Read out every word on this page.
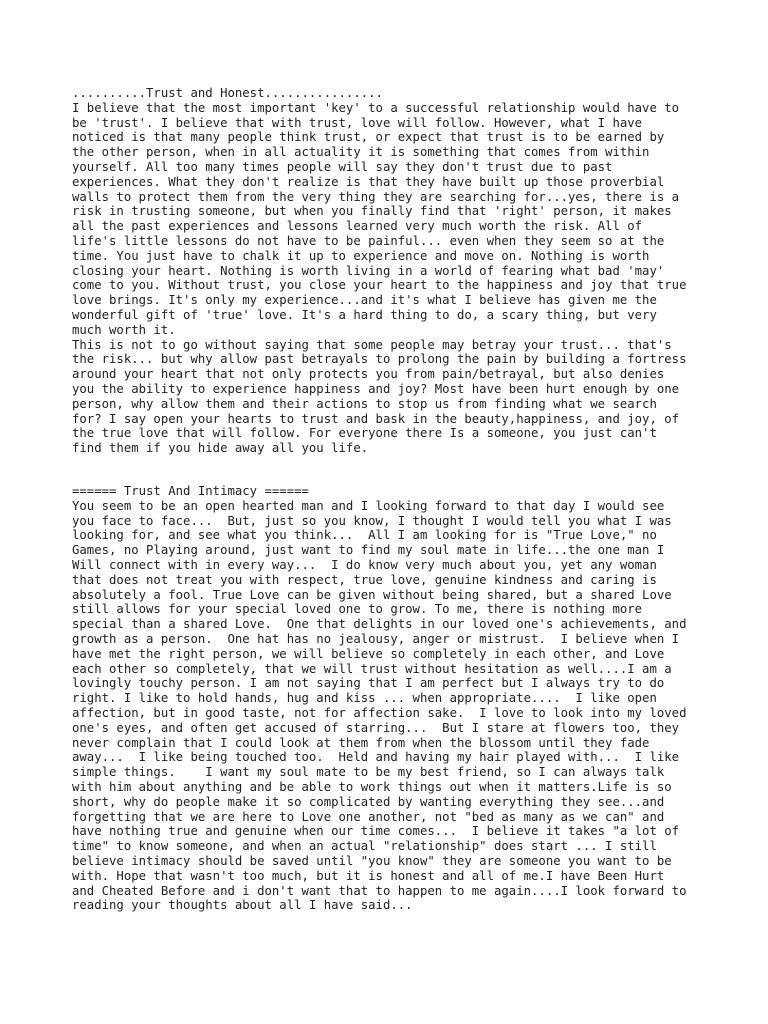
..........Trust and Honest................
I believe that the most important 'key' to a successful relationship would have to
be 'trust'. I believe that with trust, love will follow. However, what I have
noticed is that many people think trust, or expect that trust is to be earned by
the other person, when in all actuality it is something that comes from within
yourself. All too many times people will say they don't trust due to past
experiences. What they don't realize is that they have built up those proverbial
walls to protect them from the very thing they are searching for...yes, there is a
risk in trusting someone, but when you finally find that 'right' person, it makes
all the past experiences and lessons learned very much worth the risk. All of
life's little lessons do not have to be painful... even when they seem so at the
time. You just have to chalk it up to experience and move on. Nothing is worth
closing your heart. Nothing is worth living in a world of fearing what bad 'may'
come to you. Without trust, you close your heart to the happiness and joy that true
love brings. It's only my experience...and it's what I believe has given me the
wonderful gift of 'true' love. It's a hard thing to do, a scary thing, but very
much worth it.
This is not to go without saying that some people may betray your trust... that's
the risk... but why allow past betrayals to prolong the pain by building a fortress
around your heart that not only protects you from pain/betrayal, but also denies
you the ability to experience happiness and joy? Most have been hurt enough by one
person, why allow them and their actions to stop us from finding what we search
for? I say open your hearts to trust and bask in the beauty,happiness, and joy, of
the true love that will follow. For everyone there Is a someone, you just can't
find them if you hide away all you life.
====== Trust And Intimacy ======
You seem to be an open hearted man and I looking forward to that day I would see
you face to face...  But, just so you know, I thought I would tell you what I was
looking for, and see what you think...  All I am looking for is "True Love," no
Games, no Playing around, just want to find my soul mate in life...the one man I
Will connect with in every way...  I do know very much about you, yet any woman
that does not treat you with respect, true love, genuine kindness and caring is
absolutely a fool. True Love can be given without being shared, but a shared Love
still allows for your special loved one to grow. To me, there is nothing more
special than a shared Love.  One that delights in our loved one's achievements, and
growth as a person.  One hat has no jealousy, anger or mistrust.  I believe when I
have met the right person, we will believe so completely in each other, and Love
each other so completely, that we will trust without hesitation as well....I am a
lovingly touchy person. I am not saying that I am perfect but I always try to do
right. I like to hold hands, hug and kiss ... when appropriate....  I like open
affection, but in good taste, not for affection sake.  I love to look into my loved
one's eyes, and often get accused of starring...  But I stare at flowers too, they
never complain that I could look at them from when the blossom until they fade
away...  I like being touched too.  Held and having my hair played with...  I like
simple things.    I want my soul mate to be my best friend, so I can always talk
with him about anything and be able to work things out when it matters.Life is so
short, why do people make it so complicated by wanting everything they see...and
forgetting that we are here to Love one another, not "bed as many as we can" and
have nothing true and genuine when our time comes...  I believe it takes "a lot of
time" to know someone, and when an actual "relationship" does start ... I still
believe intimacy should be saved until "you know" they are someone you want to be
with. Hope that wasn't too much, but it is honest and all of me.I have Been Hurt
and Cheated Before and i don't want that to happen to me again....I look forward to
reading your thoughts about all I have said...
